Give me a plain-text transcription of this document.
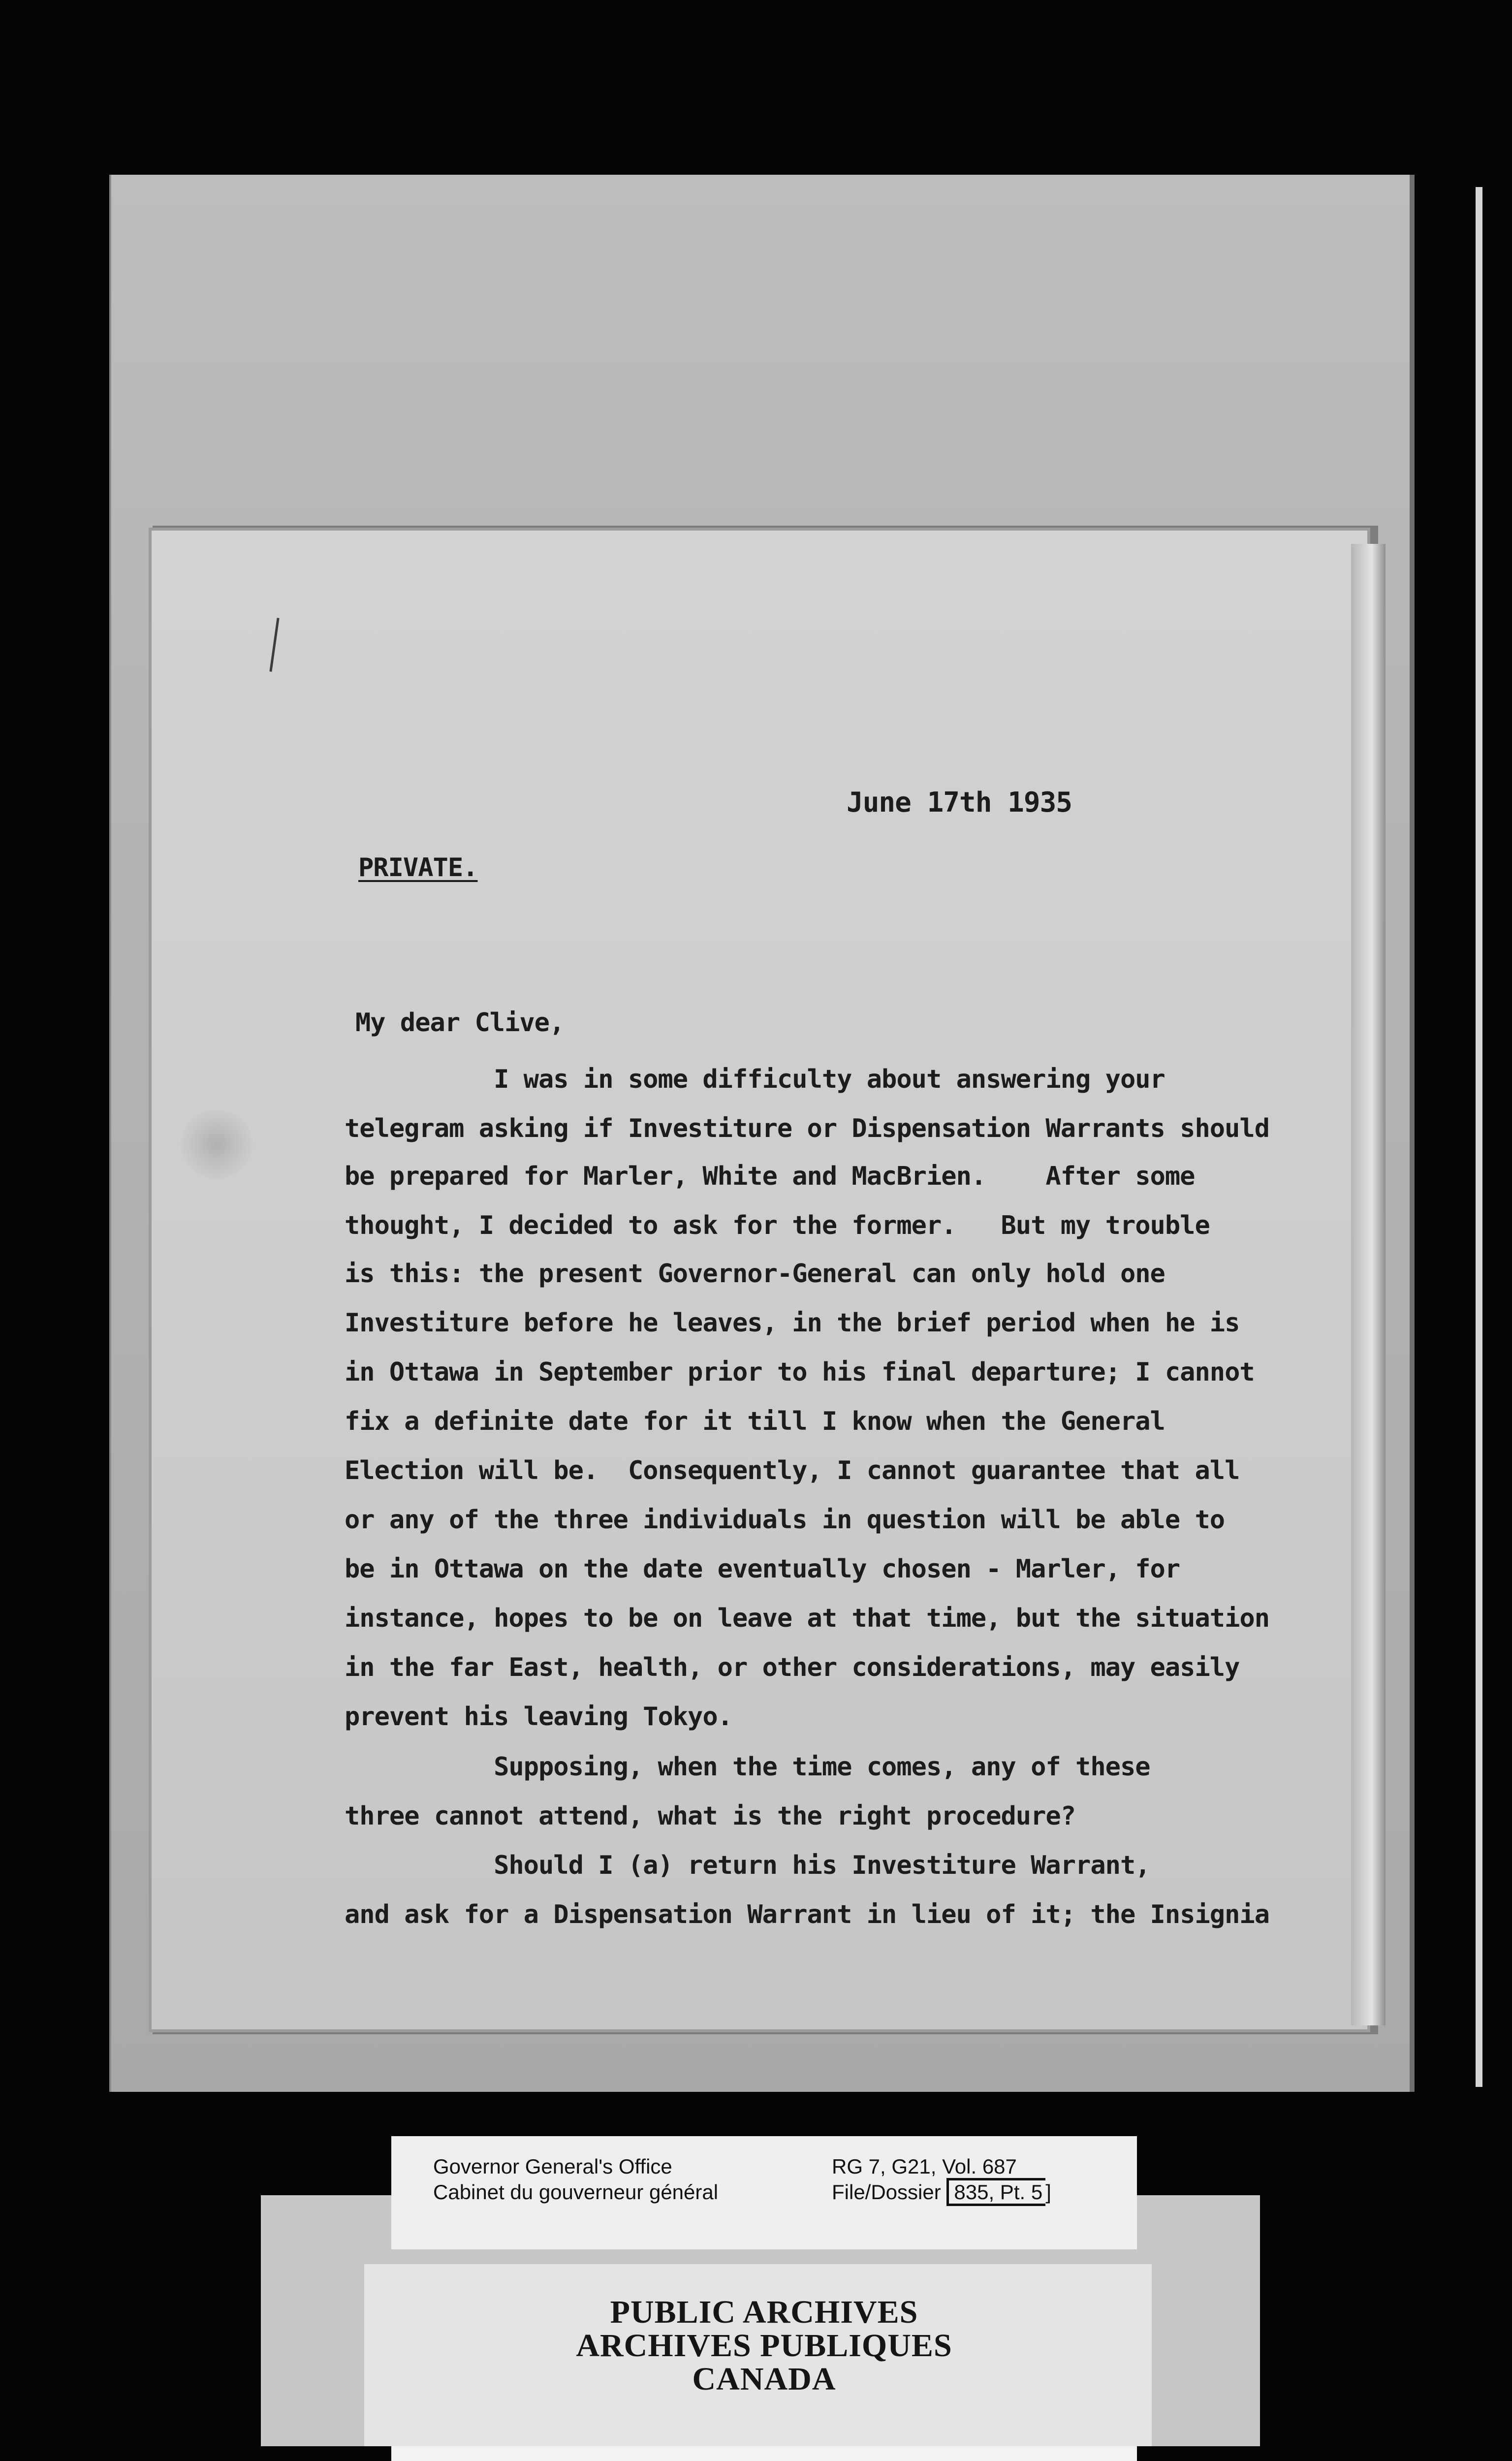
June 17th 1935
PRIVATE.
My dear Clive,
I was in some difficulty about answering your
telegram asking if Investiture or Dispensation Warrants should
be prepared for Marler, White and MacBrien.    After some
thought, I decided to ask for the former.   But my trouble
is this: the present Governor-General can only hold one
Investiture before he leaves, in the brief period when he is
in Ottawa in September prior to his final departure; I cannot
fix a definite date for it till I know when the General
Election will be.  Consequently, I cannot guarantee that all
or any of the three individuals in question will be able to
be in Ottawa on the date eventually chosen - Marler, for
instance, hopes to be on leave at that time, but the situation
in the far East, health, or other considerations, may easily
prevent his leaving Tokyo.
Supposing, when the time comes, any of these
three cannot attend, what is the right procedure?
Should I (a) return his Investiture Warrant,
and ask for a Dispensation Warrant in lieu of it; the Insignia
Governor General's Office
Cabinet du gouverneur général
RG 7, G21, Vol. 687
File/Dossier 835, Pt. 5 ]
PUBLIC ARCHIVES
ARCHIVES PUBLIQUES
CANADA
